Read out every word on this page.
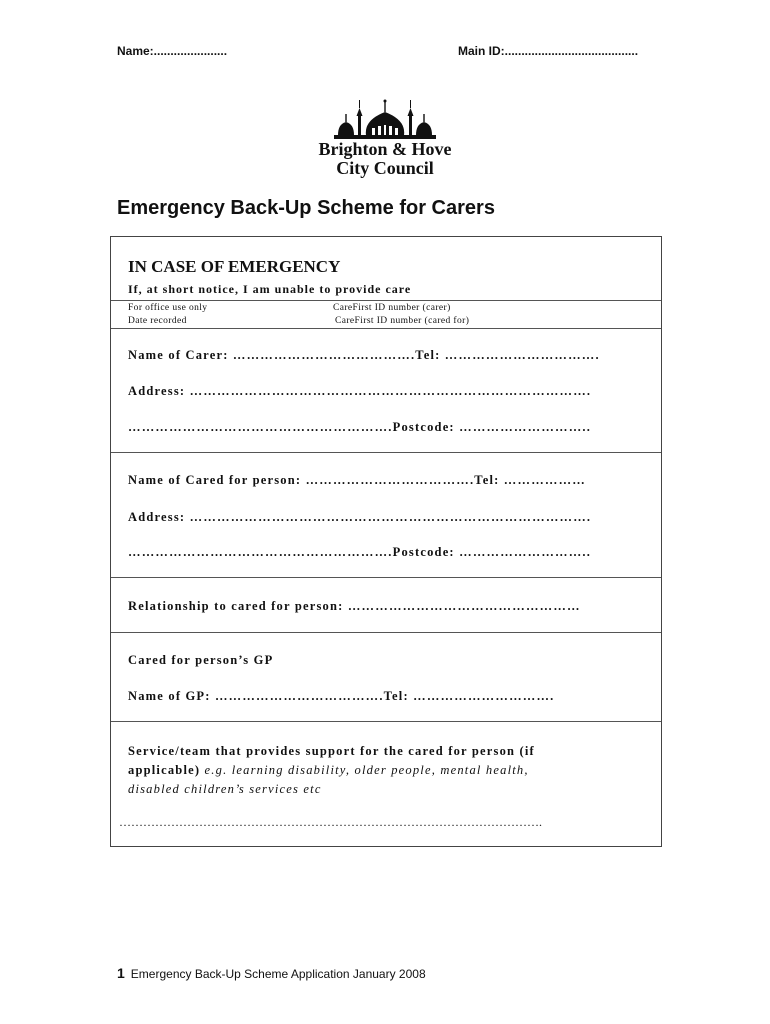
Name:......................	Main ID:........................................
Brighton & Hove
City Council
Emergency Back-Up Scheme for Carers
IN CASE OF EMERGENCY
If, at short notice, I am unable to provide care
For office use only
Date recorded
CareFirst ID number (carer)
CareFirst ID number (cared for)
Name of Carer: ………………………………….Tel: …………………………….
Address: …………………………………………………………………………….
………………………………………………….Postcode: ………………………..
Name of Cared for person: ……………………………….Tel: ………………
Address: …………………………………………………………………………….
………………………………………………….Postcode: ………………………..
Relationship to cared for person: ……………………………………………
Cared for person’s GP
Name of GP: ……………………………….Tel: ………………………….
Service/team that provides support for the cared for person (if
applicable) e.g. learning disability, older people, mental health,
disabled children’s services etc
…………………………………………………………………………………………….
1 Emergency Back-Up Scheme Application January 2008
